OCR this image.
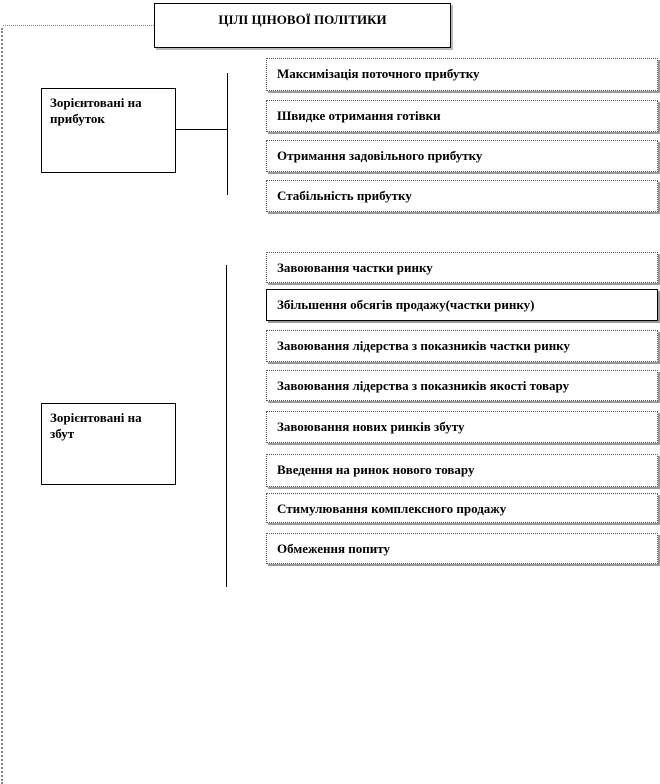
ЦІЛІ ЦІНОВОЇ ПОЛІТИКИ
Зорієнтовані на
прибуток
Максимізація поточного прибутку
Швидке отримання готівки
Отримання задовільного прибутку
Стабільність прибутку
Зорієнтовані на
збут
Завоювання частки ринку
Збільшення обсягів продажу(частки ринку)
Завоювання лідерства з показників частки ринку
Завоювання лідерства з показників якості товару
Завоювання нових ринків збуту
Введення на ринок нового товару
Стимулювання комплексного продажу
Обмеження попиту
